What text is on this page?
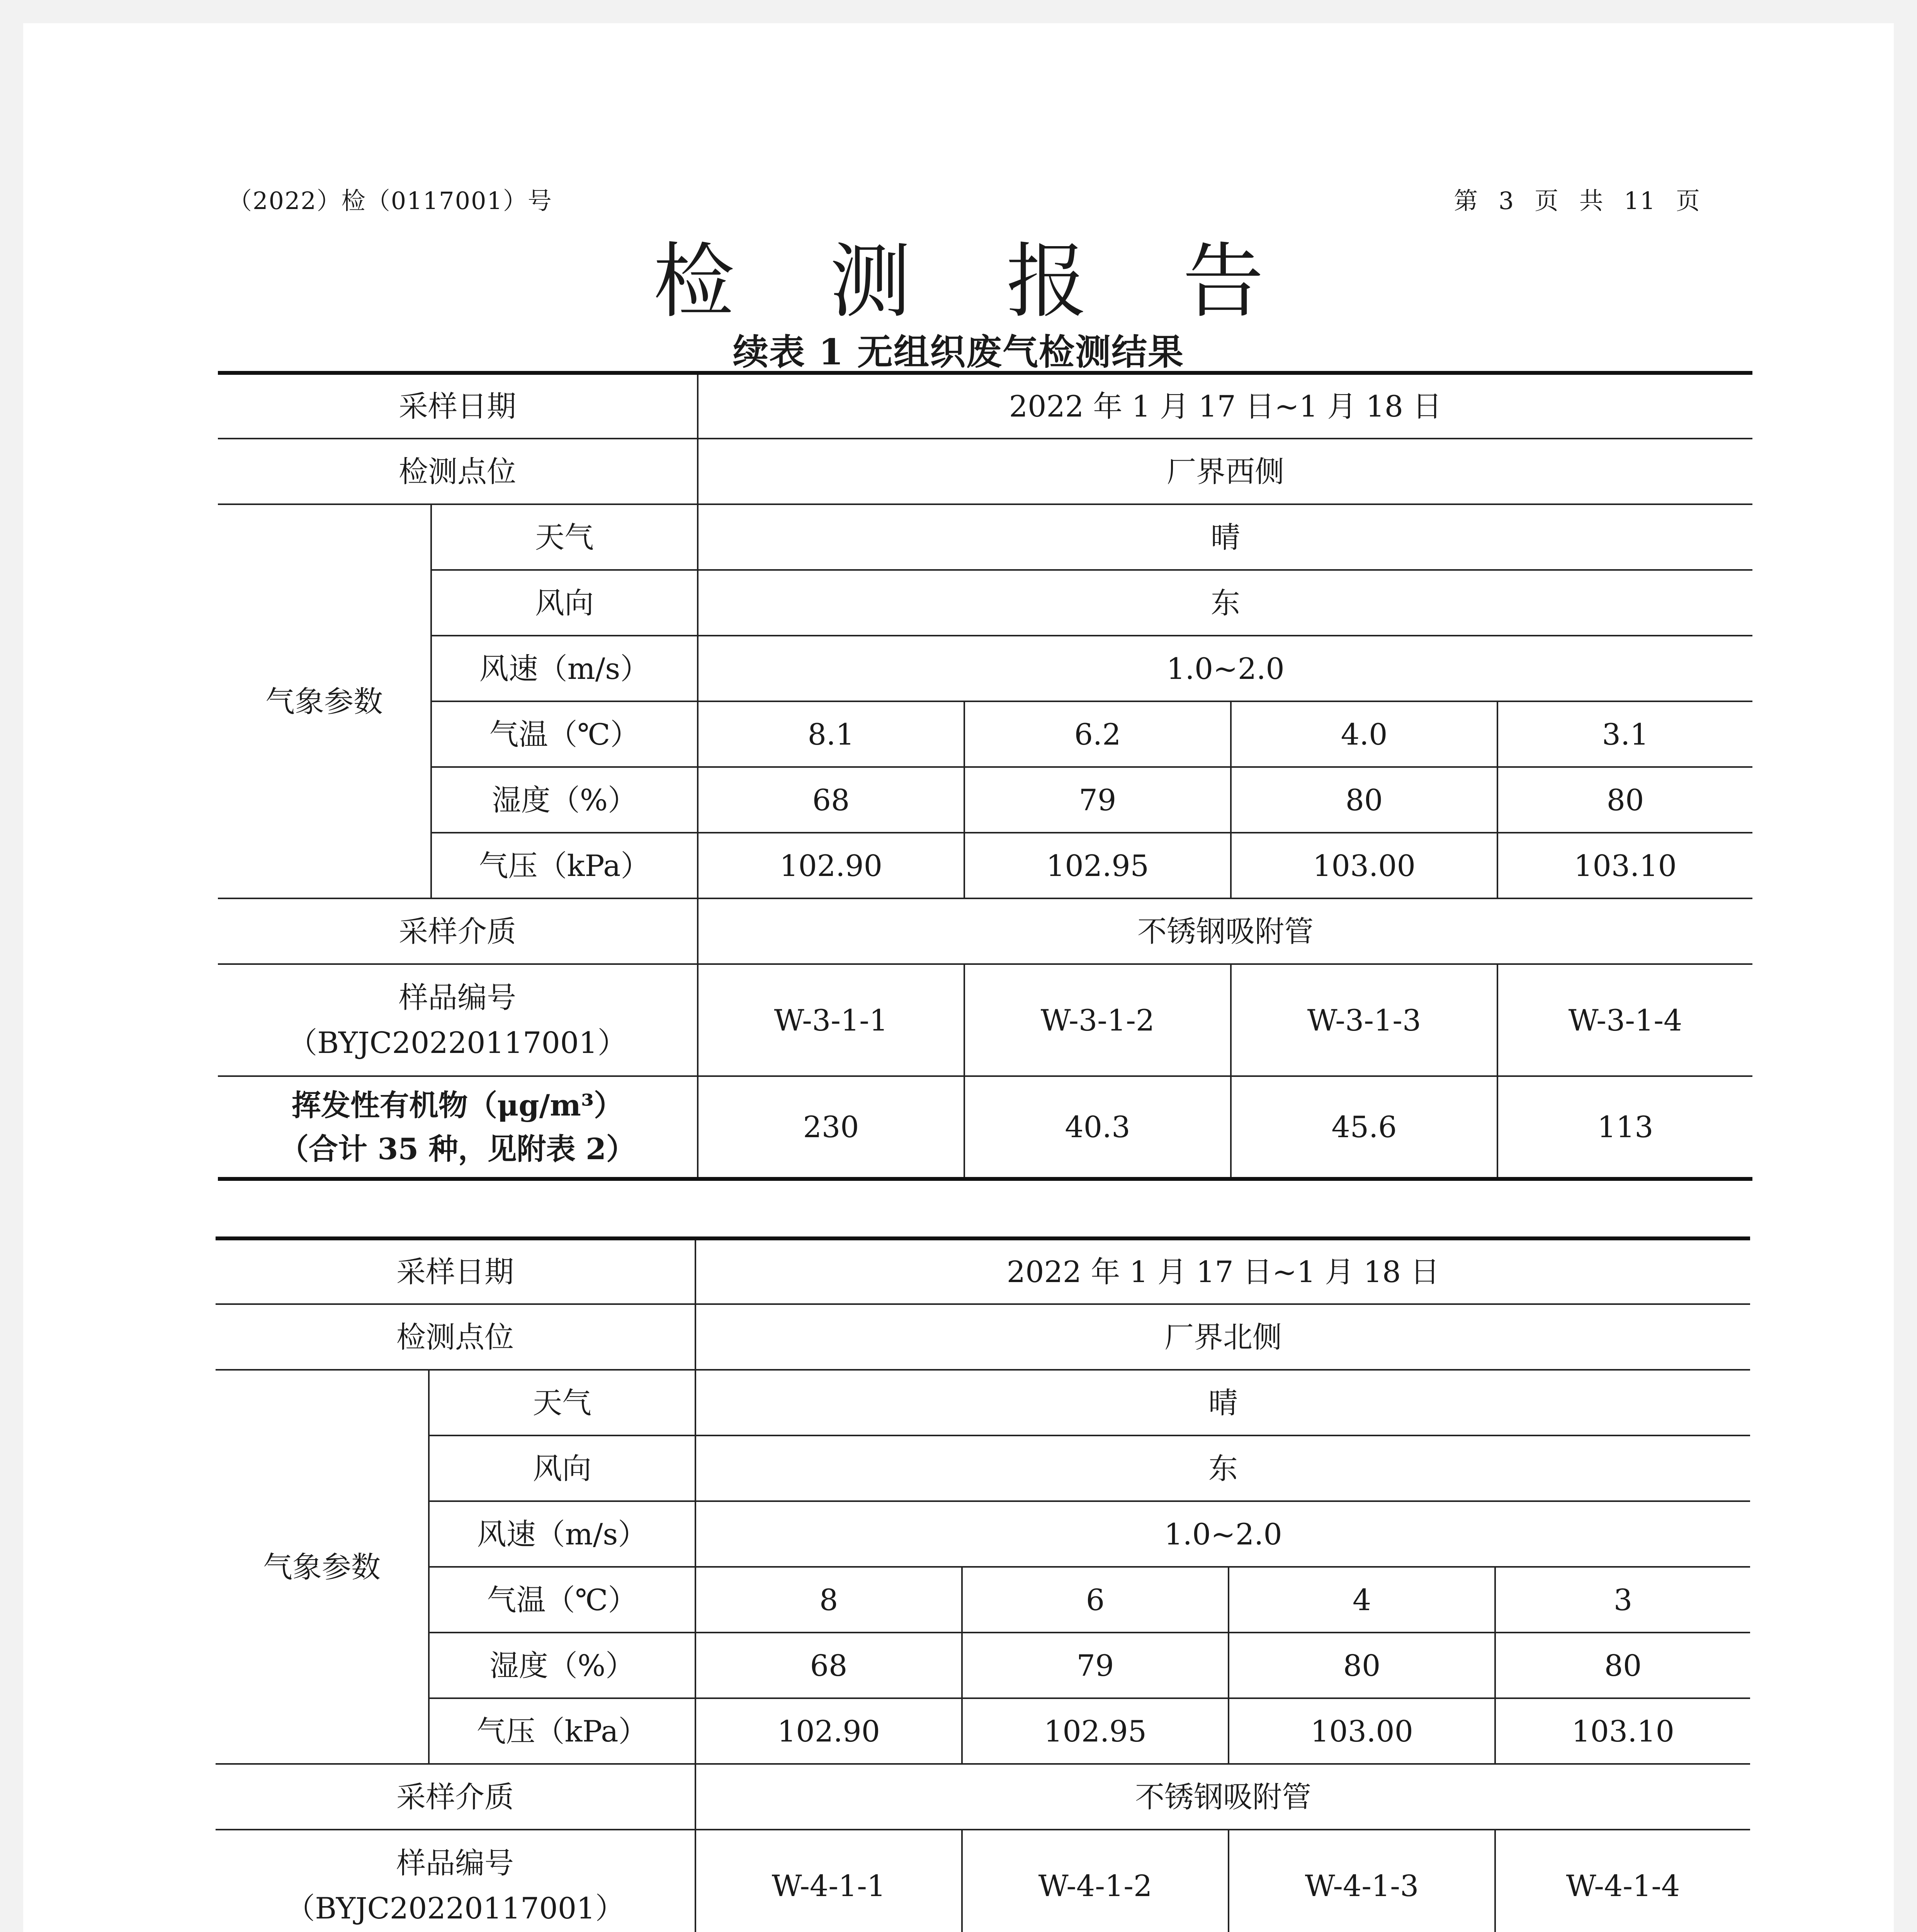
（2022）检（0117001）号	第 3 页 共 11 页
检 测 报 告
续表 1 无组织废气检测结果
采样日期		2022 年 1 月 17 日~1 月 18 日			
检测点位		厂界西侧			
气象参数	天气	晴			
	风向	东			
	风速（m/s）	1.0~2.0			
	气温（℃）	8.1	6.2	4.0	3.1
	湿度（%）	68	79	80	80
	气压（kPa）	102.90	102.95	103.00	103.10
采样介质		不锈钢吸附管			

样品编号
（BYJC20220117001）		W-3-1-1	W-3-1-2	W-3-1-3	W-3-1-4

挥发性有机物（μg/m³）
（合计 35 种，见附表 2）		230	40.3	45.6	113
采样日期		2022 年 1 月 17 日~1 月 18 日			
检测点位		厂界北侧			
气象参数	天气	晴			
	风向	东			
	风速（m/s）	1.0~2.0			
	气温（℃）	8	6	4	3
	湿度（%）	68	79	80	80
	气压（kPa）	102.90	102.95	103.00	103.10
采样介质		不锈钢吸附管			

样品编号
（BYJC20220117001）		W-4-1-1	W-4-1-2	W-4-1-3	W-4-1-4
